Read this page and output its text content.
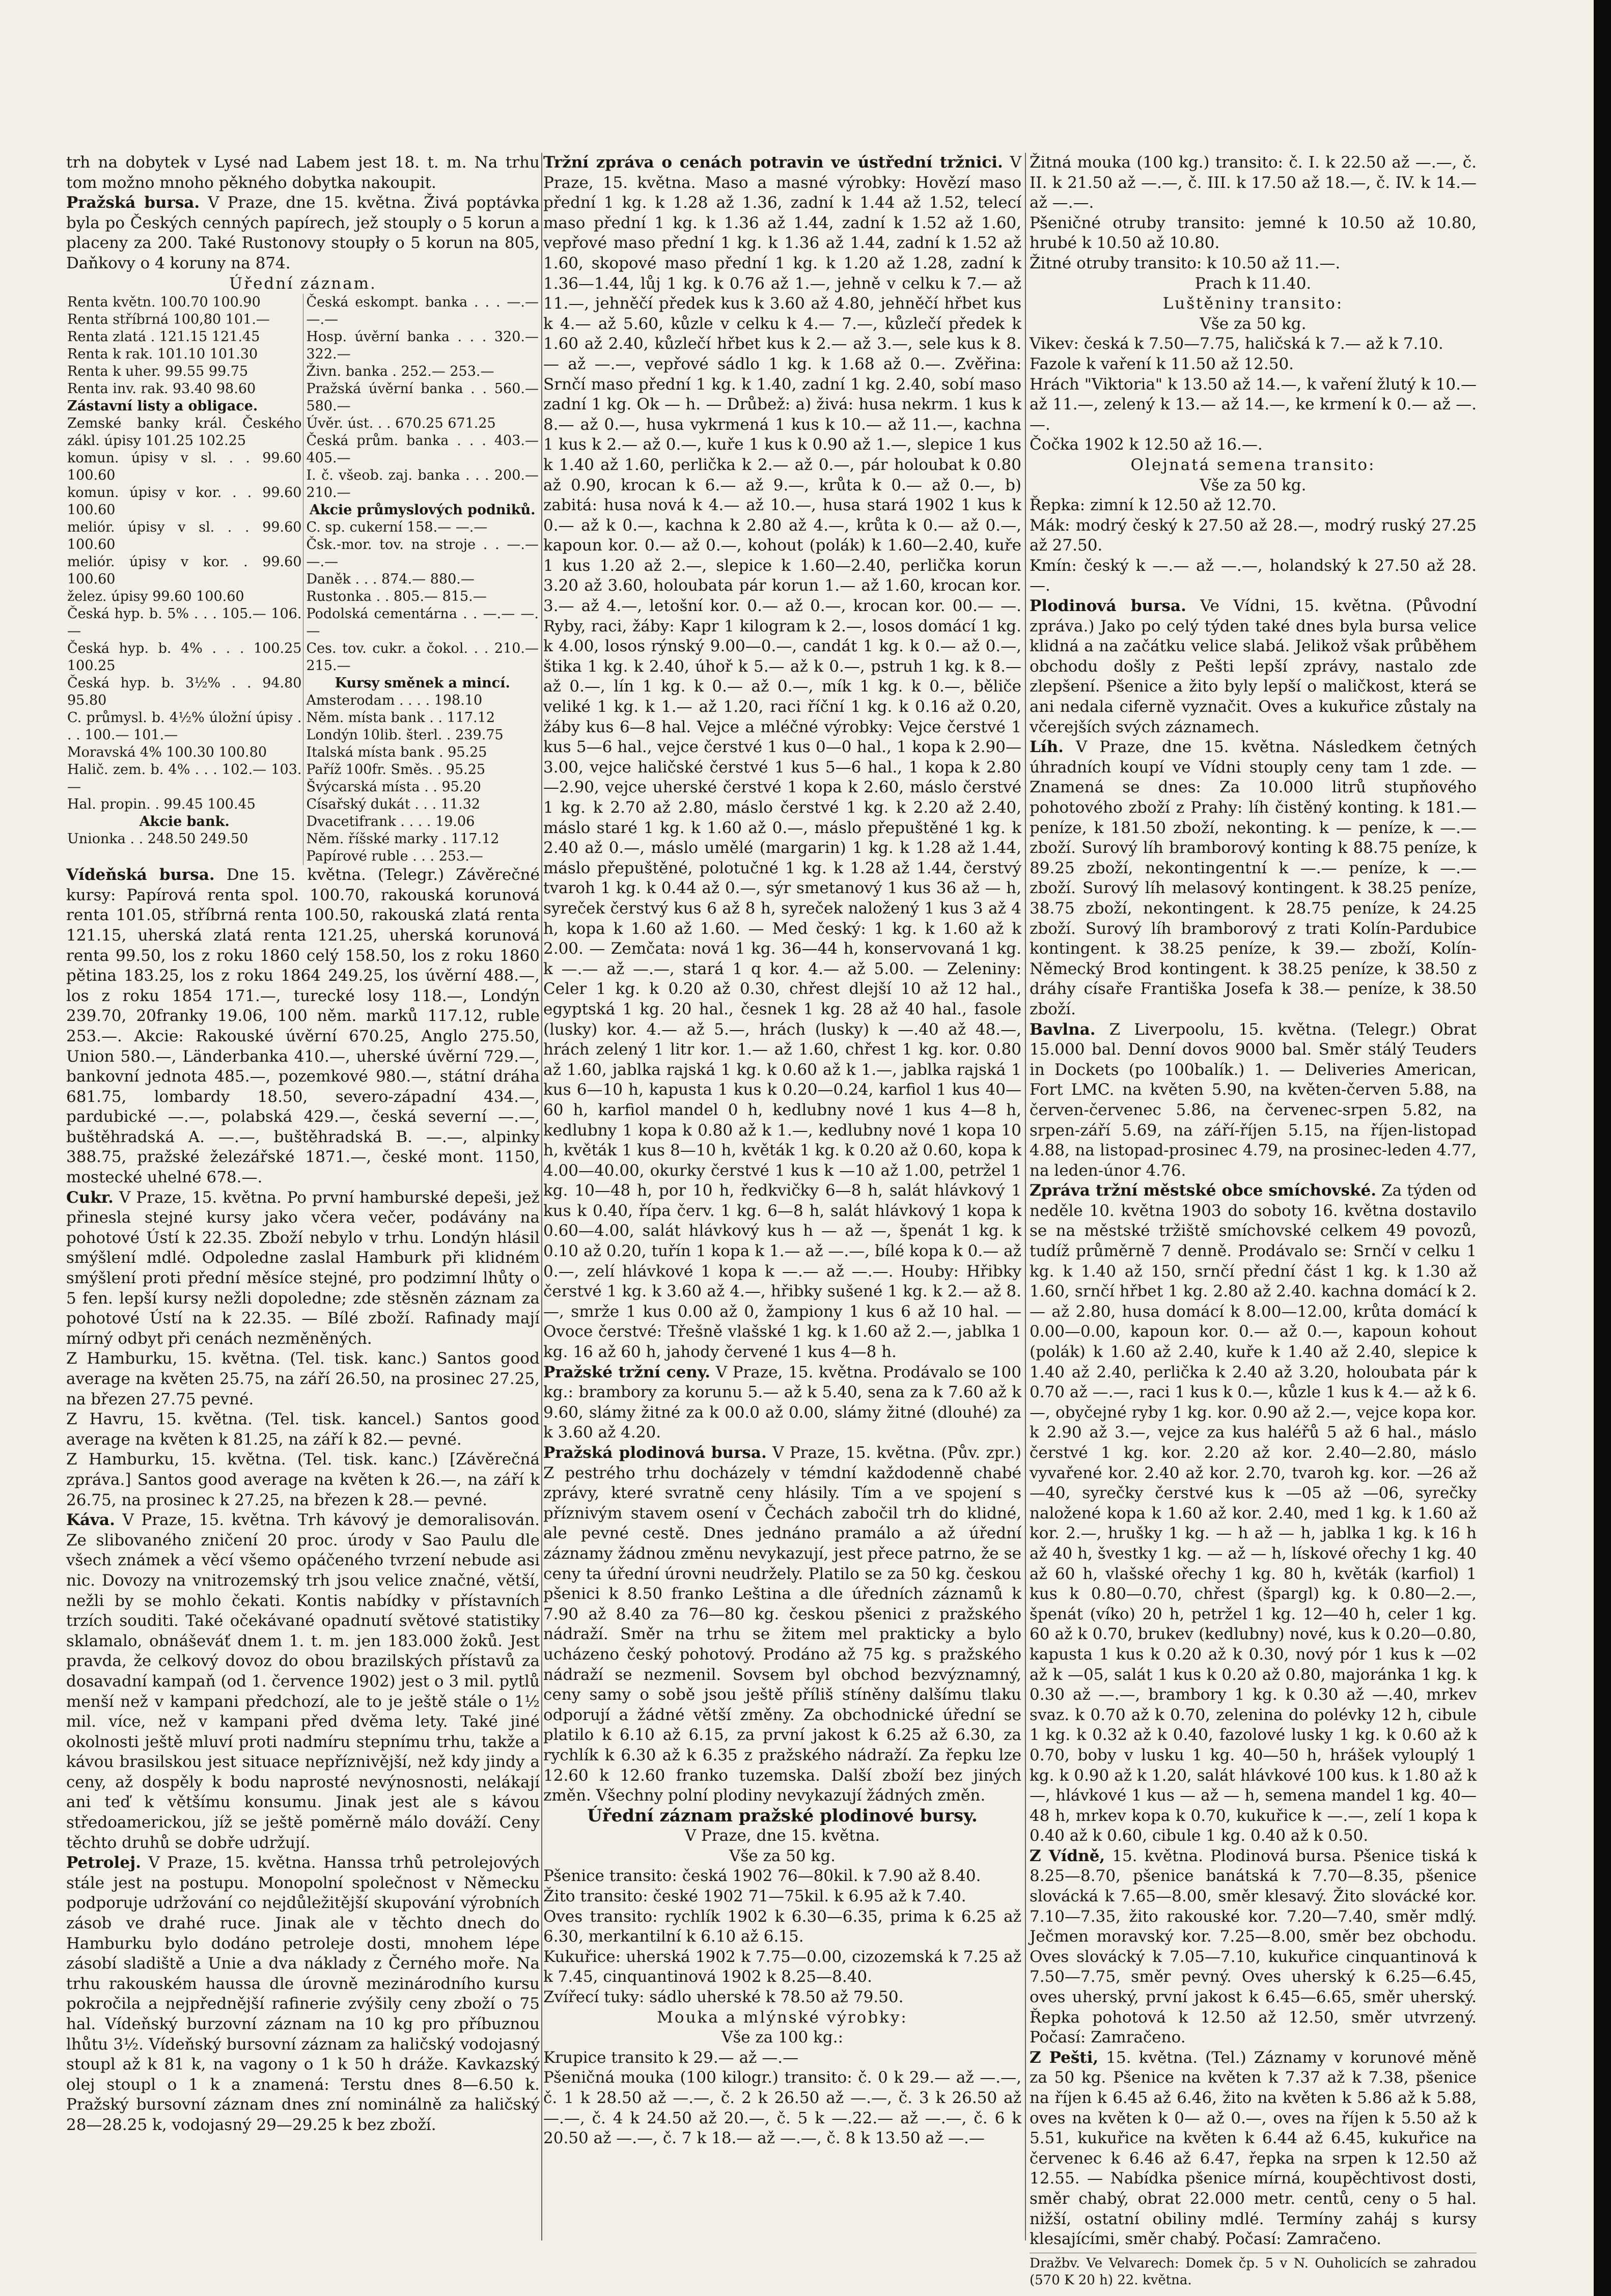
trh na dobytek v Lysé nad Labem jest 18. t. m. Na trhu tom možno mnoho pěkného dobytka nakoupit.

Pražská bursa. V Praze, dne 15. května. Živá poptávka byla po Českých cenných papírech, jež stouply o 5 korun a placeny za 200. Také Rustonovy stoupły o 5 korun na 805, Daňkovy o 4 koruny na 874.

Úřední záznam.

Renta květn. 100.70 100.90
Renta stříbrná 100,80 101.—
Renta zlatá . 121.15 121.45
Renta k rak. 101.10 101.30
Renta k uher. 99.55 99.75
Renta inv. rak. 93.40 98.60
Zástavní listy a obligace.
Zemské banky král. Českého zákl. úpisy 101.25 102.25
komun. úpisy v sl. . . 99.60 100.60
komun. úpisy v kor. . . 99.60 100.60
meliór. úpisy v sl. . . 99.60 100.60
meliór. úpisy v kor. . 99.60 100.60
želez. úpisy 99.60 100.60
Česká hyp. b. 5% . . . 105.— 106.—
Česká hyp. b. 4% . . . 100.25 100.25
Česká hyp. b. 3½% . . 94.80 95.80
C. průmysl. b. 4½% úložní úpisy . . . 100.— 101.—
Moravská 4% 100.30 100.80
Halič. zem. b. 4% . . . 102.— 103.—
Hal. propin. . 99.45 100.45
Akcie bank.
Unionka . . 248.50 249.50

Česká eskompt. banka . . . —.— —.—
Hosp. úvěrní banka . . . 320.— 322.—
Živn. banka . 252.— 253.—
Pražská úvěrní banka . . 560.— 580.—
Úvěr. úst. . . 670.25 671.25
Česká prům. banka . . . 403.— 405.—
I. č. všeob. zaj. banka . . . 200.— 210.—
Akcie průmyslových podniků.
C. sp. cukerní 158.— —.—
Čsk.-mor. tov. na stroje . . —.— —.—
Daněk . . . 874.— 880.—
Rustonka . . 805.— 815.—
Podolská cementárna . . —.— —.—
Ces. tov. cukr. a čokol. . . 210.— 215.—
Kursy směnek a mincí.
Amsterodam . . . . 198.10
Něm. místa bank . . 117.12
Londýn 10lib. šterl. . 239.75
Italská místa bank . 95.25
Paříž 100fr. Směs. . 95.25
Švýcarská místa . . 95.20
Císařský dukát . . . 11.32
Dvacetifrank . . . . 19.06
Něm. říšské marky . 117.12
Papírové ruble . . . 253.—

Vídeňská bursa. Dne 15. května. (Telegr.) Závěrečné kursy: Papírová renta spol. 100.70, rakouská korunová renta 101.05, stříbrná renta 100.50, rakouská zlatá renta 121.15, uherská zlatá renta 121.25, uherská korunová renta 99.50, los z roku 1860 celý 158.50, los z roku 1860 pětina 183.25, los z roku 1864 249.25, los úvěrní 488.—, los z roku 1854 171.—, turecké losy 118.—, Londýn 239.70, 20franky 19.06, 100 něm. marků 117.12, ruble 253.—. Akcie: Rakouské úvěrní 670.25, Anglo 275.50, Union 580.—, Länderbanka 410.—, uherské úvěrní 729.—, bankovní jednota 485.—, pozemkové 980.—, státní dráha 681.75, lombardy 18.50, severo-západní 434.—, pardubické —.—, polabská 429.—, česká severní —.—, buštěhradská A. —.—, buštěhradská B. —.—, alpinky 388.75, pražské železářské 1871.—, české mont. 1150, mostecké uhelné 678.—.

Cukr. V Praze, 15. května. Po první hamburské depeši, jež přinesla stejné kursy jako včera večer, podávány na pohotové Ústí k 22.35. Zboží nebylo v trhu. Londýn hlásil smýšlení mdlé. Odpoledne zaslal Hamburk při klidném smýšlení proti přední měsíce stejné, pro podzimní lhůty o 5 fen. lepší kursy nežli dopoledne; zde stěsněn záznam za pohotové Ústí na k 22.35. — Bílé zboží. Rafinady mají mírný odbyt při cenách nezměněných.

Z Hamburku, 15. května. (Tel. tisk. kanc.) Santos good average na květen 25.75, na září 26.50, na prosinec 27.25, na březen 27.75 pevné.

Z Havru, 15. května. (Tel. tisk. kancel.) Santos good average na květen k 81.25, na září k 82.— pevné.

Z Hamburku, 15. května. (Tel. tisk. kanc.) [Závěrečná zpráva.] Santos good average na květen k 26.—, na září k 26.75, na prosinec k 27.25, na březen k 28.— pevné.

Káva. V Praze, 15. května. Trh kávový je demoralisován. Ze slibovaného zničení 20 proc. úrody v Sao Paulu dle všech známek a věcí všemo opáčeného tvrzení nebude asi nic. Dovozy na vnitrozemský trh jsou velice značné, větší, nežli by se mohlo čekati. Kontis nabídky v přístavních trzích souditi. Také očekávané opadnutí světové statistiky sklamalo, obnáševáť dnem 1. t. m. jen 183.000 žoků. Jest pravda, že celkový dovoz do obou brazilských přístavů za dosavadní kampaň (od 1. července 1902) jest o 3 mil. pytlů menší než v kampani předchozí, ale to je ještě stále o 1½ mil. více, než v kampani před dvěma lety. Také jiné okolnosti ještě mluví proti nadmíru stepnímu trhu, takže a kávou brasilskou jest situace nepříznivější, než kdy jindy a ceny, až dospěly k bodu naprosté nevýnosnosti, nelákají ani teď k většímu konsumu. Jinak jest ale s kávou středoamerickou, jíž se ještě poměrně málo dováží. Ceny těchto druhů se dobře udržují.

Petrolej. V Praze, 15. května. Hanssa trhů petrolejových stále jest na postupu. Monopolní společnost v Německu podporuje udržování co nejdůležitější skupování výrobních zásob ve drahé ruce. Jinak ale v těchto dnech do Hamburku bylo dodáno petroleje dosti, mnohem lépe zásobí sladiště a Unie a dva náklady z Černého moře. Na trhu rakouském haussa dle úrovně mezinárodního kursu pokročila a nejpřednější rafinerie zvýšily ceny zboží o 75 hal. Vídeňský burzovní záznam na 10 kg pro příbuznou lhůtu 3½. Vídeňský bursovní záznam za haličský vodojasný stoupl až k 81 k, na vagony o 1 k 50 h dráže. Kavkazský olej stoupl o 1 k a znamená: Terstu dnes 8—6.50 k. Pražský bursovní záznam dnes zní nominálně za haličský 28—28.25 k, vodojasný 29—29.25 k bez zboží.

Tržní zpráva o cenách potravin ve ústřední tržnici. V Praze, 15. května. Maso a masné výrobky: Hovězí maso přední 1 kg. k 1.28 až 1.36, zadní k 1.44 až 1.52, telecí maso přední 1 kg. k 1.36 až 1.44, zadní k 1.52 až 1.60, vepřové maso přední 1 kg. k 1.36 až 1.44, zadní k 1.52 až 1.60, skopové maso přední 1 kg. k 1.20 až 1.28, zadní k 1.36—1.44, lůj 1 kg. k 0.76 až 1.—, jehně v celku k 7.— až 11.—, jehněčí předek kus k 3.60 až 4.80, jehněčí hřbet kus k 4.— až 5.60, kůzle v celku k 4.— 7.—, kůzlečí předek k 1.60 až 2.40, kůzlečí hřbet kus k 2.— až 3.—, sele kus k 8.— až —.—, vepřové sádlo 1 kg. k 1.68 až 0.—. Zvěřina: Srnčí maso přední 1 kg. k 1.40, zadní 1 kg. 2.40, sobí maso zadní 1 kg. Ok — h. — Drůbež: a) živá: husa nekrm. 1 kus k 8.— až 0.—, husa vykrmená 1 kus k 10.— až 11.—, kachna 1 kus k 2.— až 0.—, kuře 1 kus k 0.90 až 1.—, slepice 1 kus k 1.40 až 1.60, perlička k 2.— až 0.—, pár holoubat k 0.80 až 0.90, krocan k 6.— až 9.—, krůta k 0.— až 0.—, b) zabitá: husa nová k 4.— až 10.—, husa stará 1902 1 kus k 0.— až k 0.—, kachna k 2.80 až 4.—, krůta k 0.— až 0.—, kapoun kor. 0.— až 0.—, kohout (polák) k 1.60—2.40, kuře 1 kus 1.20 až 2.—, slepice k 1.60—2.40, perlička korun 3.20 až 3.60, holoubata pár korun 1.— až 1.60, krocan kor. 3.— až 4.—, letošní kor. 0.— až 0.—, krocan kor. 00.— —. Ryby, raci, žáby: Kapr 1 kilogram k 2.—, losos domácí 1 kg. k 4.00, losos rýnský 9.00—0.—, candát 1 kg. k 0.— až 0.—, štika 1 kg. k 2.40, úhoř k 5.— až k 0.—, pstruh 1 kg. k 8.— až 0.—, lín 1 kg. k 0.— až 0.—, mík 1 kg. k 0.—, běliče veliké 1 kg. k 1.— až 1.20, raci říční 1 kg. k 0.16 až 0.20, žáby kus 6—8 hal. Vejce a mléčné výrobky: Vejce čerstvé 1 kus 5—6 hal., vejce čerstvé 1 kus 0—0 hal., 1 kopa k 2.90—3.00, vejce haličské čerstvé 1 kus 5—6 hal., 1 kopa k 2.80—2.90, vejce uherské čerstvé 1 kopa k 2.60, máslo čerstvé 1 kg. k 2.70 až 2.80, máslo čerstvé 1 kg. k 2.20 až 2.40, máslo staré 1 kg. k 1.60 až 0.—, máslo přepuštěné 1 kg. k 2.40 až 0.—, máslo umělé (margarin) 1 kg. k 1.28 až 1.44, máslo přepuštěné, polotučné 1 kg. k 1.28 až 1.44, čerstvý tvaroh 1 kg. k 0.44 až 0.—, sýr smetanový 1 kus 36 až — h, syreček čerstvý kus 6 až 8 h, syreček naložený 1 kus 3 až 4 h, kopa k 1.60 až 1.60. — Med český: 1 kg. k 1.60 až k 2.00. — Zemčata: nová 1 kg. 36—44 h, konservovaná 1 kg. k —.— až —.—, stará 1 q kor. 4.— až 5.00. — Zeleniny: Celer 1 kg. k 0.20 až 0.30, chřest dlejší 10 až 12 hal., egyptská 1 kg. 20 hal., česnek 1 kg. 28 až 40 hal., fasole (lusky) kor. 4.— až 5.—, hrách (lusky) k —.40 až 48.—, hrách zelený 1 litr kor. 1.— až 1.60, chřest 1 kg. kor. 0.80 až 1.60, jablka rajská 1 kg. k 0.60 až k 1.—, jablka rajská 1 kus 6—10 h, kapusta 1 kus k 0.20—0.24, karfiol 1 kus 40—60 h, karfiol mandel 0 h, kedlubny nové 1 kus 4—8 h, kedlubny 1 kopa k 0.80 až k 1.—, kedlubny nové 1 kopa 10 h, květák 1 kus 8—10 h, květák 1 kg. k 0.20 až 0.60, kopa k 4.00—40.00, okurky čerstvé 1 kus k —10 až 1.00, petržel 1 kg. 10—48 h, por 10 h, ředkvičky 6—8 h, salát hlávkový 1 kus k 0.40, řípa červ. 1 kg. 6—8 h, salát hlávkový 1 kopa k 0.60—4.00, salát hlávkový kus h — až —, špenát 1 kg. k 0.10 až 0.20, tuřín 1 kopa k 1.— až —.—, bílé kopa k 0.— až 0.—, zelí hlávkové 1 kopa k —.— až —.—. Houby: Hřibky čerstvé 1 kg. k 3.60 až 4.—, hřibky sušené 1 kg. k 2.— až 8.—, smrže 1 kus 0.00 až 0, žampiony 1 kus 6 až 10 hal. — Ovoce čerstvé: Třešně vlašské 1 kg. k 1.60 až 2.—, jablka 1 kg. 16 až 60 h, jahody červené 1 kus 4—8 h.

Pražské tržní ceny. V Praze, 15. května. Prodávalo se 100 kg.: brambory za korunu 5.— až k 5.40, sena za k 7.60 až k 9.60, slámy žitné za k 00.0 až 0.00, slámy žitné (dlouhé) za k 3.60 až 4.20.

Pražská plodinová bursa. V Praze, 15. května. (Pův. zpr.) Z pestrého trhu docházely v témdní každodenně chabé zprávy, které svratně ceny hlásily. Tím a ve spojení s příznivým stavem osení v Čechách zabočil trh do klidné, ale pevné cestě. Dnes jednáno pramálo a až úřední záznamy žádnou změnu nevykazují, jest přece patrno, že se ceny ta úřední úrovni neudržely. Platilo se za 50 kg. českou pšenici k 8.50 franko Leština a dle úředních záznamů k 7.90 až 8.40 za 76—80 kg. českou pšenici z pražského nádraží. Směr na trhu se žitem mel prakticky a bylo ucházeno český pohotový. Prodáno až 75 kg. s pražského nádraží se nezmenil. Sovsem byl obchod bezvýznamný, ceny samy o sobě jsou ještě příliš stíněny dalšímu tlaku odporují a žádné větší změny. Za obchodnické úřední se platilo k 6.10 až 6.15, za první jakost k 6.25 až 6.30, za rychlík k 6.30 až k 6.35 z pražského nádraží. Za řepku lze 12.60 k 12.60 franko tuzemska. Další zboží bez jiných změn. Všechny polní plodiny nevykazují žádných změn.

Úřední záznam pražské plodinové bursy.

V Praze, dne 15. května.

Vše za 50 kg.

Pšenice transito: česká 1902 76—80kil. k 7.90 až 8.40.

Žito transito: české 1902 71—75kil. k 6.95 až k 7.40.

Oves transito: rychlík 1902 k 6.30—6.35, prima k 6.25 až 6.30, merkantilní k 6.10 až 6.15.

Kukuřice: uherská 1902 k 7.75—0.00, cizozemská k 7.25 až k 7.45, cinquantinová 1902 k 8.25—8.40.

Zvířecí tuky: sádlo uherské k 78.50 až 79.50.

Mouka a mlýnské výrobky:

Vše za 100 kg.:

Krupice transito k 29.— až —.—

Pšeničná mouka (100 kilogr.) transito: č. 0 k 29.— až —.—, č. 1 k 28.50 až —.—, č. 2 k 26.50 až —.—, č. 3 k 26.50 až —.—, č. 4 k 24.50 až 20.—, č. 5 k —.22.— až —.—, č. 6 k 20.50 až —.—, č. 7 k 18.— až —.—, č. 8 k 13.50 až —.—

Žitná mouka (100 kg.) transito: č. I. k 22.50 až —.—, č. II. k 21.50 až —.—, č. III. k 17.50 až 18.—, č. IV. k 14.— až —.—.

Pšeničné otruby transito: jemné k 10.50 až 10.80, hrubé k 10.50 až 10.80.

Žitné otruby transito: k 10.50 až 11.—.

Prach k 11.40.

Luštěniny transito:

Vše za 50 kg.

Vikev: česká k 7.50—7.75, haličská k 7.— až k 7.10.

Fazole k vaření k 11.50 až 12.50.

Hrách "Viktoria" k 13.50 až 14.—, k vaření žlutý k 10.— až 11.—, zelený k 13.— až 14.—, ke krmení k 0.— až —.—.

Čočka 1902 k 12.50 až 16.—.

Olejnatá semena transito:

Vše za 50 kg.

Řepka: zimní k 12.50 až 12.70.

Mák: modrý český k 27.50 až 28.—, modrý ruský 27.25 až 27.50.

Kmín: český k —.— až —.—, holandský k 27.50 až 28.—.

Plodinová bursa. Ve Vídni, 15. května. (Původní zpráva.) Jako po celý týden také dnes byla bursa velice klidná a na začátku velice slabá. Jelikož však průběhem obchodu došly z Pešti lepší zprávy, nastalo zde zlepšení. Pšenice a žito byly lepší o maličkost, která se ani nedala ciferně vyznačit. Oves a kukuřice zůstaly na včerejších svých záznamech.

Líh. V Praze, dne 15. května. Následkem četných úhradních koupí ve Vídni stouply ceny tam 1 zde. — Znamená se dnes: Za 10.000 litrů stupňového pohotového zboží z Prahy: líh čistěný konting. k 181.— peníze, k 181.50 zboží, nekonting. k — peníze, k —.— zboží. Surový líh bramborový konting k 88.75 peníze, k 89.25 zboží, nekontingentní k —.— peníze, k —.— zboží. Surový líh melasový kontingent. k 38.25 peníze, 38.75 zboží, nekontingent. k 28.75 peníze, k 24.25 zboží. Surový líh bramborový z trati Kolín-Pardubice kontingent. k 38.25 peníze, k 39.— zboží, Kolín-Německý Brod kontingent. k 38.25 peníze, k 38.50 z dráhy císaře Františka Josefa k 38.— peníze, k 38.50 zboží.

Bavlna. Z Liverpoolu, 15. května. (Telegr.) Obrat 15.000 bal. Denní dovos 9000 bal. Směr stálý Teuders in Dockets (po 100balík.) 1. — Deliveries American, Fort LMC. na květen 5.90, na květen-červen 5.88, na červen-červenec 5.86, na červenec-srpen 5.82, na srpen-září 5.69, na září-říjen 5.15, na říjen-listopad 4.88, na listopad-prosinec 4.79, na prosinec-leden 4.77, na leden-únor 4.76.

Zpráva tržní městské obce smíchovské. Za týden od neděle 10. května 1903 do soboty 16. května dostavilo se na městské tržiště smíchovské celkem 49 povozů, tudíž průměrně 7 denně. Prodávalo se: Srnčí v celku 1 kg. k 1.40 až 150, srnčí přední část 1 kg. k 1.30 až 1.60, srnčí hřbet 1 kg. 2.80 až 2.40. kachna domácí k 2.— až 2.80, husa domácí k 8.00—12.00, krůta domácí k 0.00—0.00, kapoun kor. 0.— až 0.—, kapoun kohout (polák) k 1.60 až 2.40, kuře k 1.40 až 2.40, slepice k 1.40 až 2.40, perlička k 2.40 až 3.20, holoubata pár k 0.70 až —.—, raci 1 kus k 0.—, kůzle 1 kus k 4.— až k 6.—, obyčejné ryby 1 kg. kor. 0.90 až 2.—, vejce kopa kor. k 2.90 až 3.—, vejce za kus haléřů 5 až 6 hal., máslo čerstvé 1 kg. kor. 2.20 až kor. 2.40—2.80, máslo vyvařené kor. 2.40 až kor. 2.70, tvaroh kg. kor. —26 až —40, syrečky čerstvé kus k —05 až —06, syrečky naložené kopa k 1.60 až kor. 2.40, med 1 kg. k 1.60 až kor. 2.—, hrušky 1 kg. — h až — h, jablka 1 kg. k 16 h až 40 h, švestky 1 kg. — až — h, lískové ořechy 1 kg. 40 až 60 h, vlašské ořechy 1 kg. 80 h, květák (karfiol) 1 kus k 0.80—0.70, chřest (špargl) kg. k 0.80—2.—, špenát (víko) 20 h, petržel 1 kg. 12—40 h, celer 1 kg. 60 až k 0.70, brukev (kedlubny) nové, kus k 0.20—0.80, kapusta 1 kus k 0.20 až k 0.30, nový pór 1 kus k —02 až k —05, salát 1 kus k 0.20 až 0.80, majoránka 1 kg. k 0.30 až —.—, brambory 1 kg. k 0.30 až —.40, mrkev svaz. k 0.70 až k 0.70, zelenina do polévky 12 h, cibule 1 kg. k 0.32 až k 0.40, fazolové lusky 1 kg. k 0.60 až k 0.70, boby v lusku 1 kg. 40—50 h, hrášek vylouplý 1 kg. k 0.90 až k 1.20, salát hlávkové 100 kus. k 1.80 až k —, hlávkové 1 kus — až — h, semena mandel 1 kg. 40—48 h, mrkev kopa k 0.70, kukuřice k —.—, zelí 1 kopa k 0.40 až k 0.60, cibule 1 kg. 0.40 až k 0.50.

Z Vídně, 15. května. Plodinová bursa. Pšenice tiská k 8.25—8.70, pšenice banátská k 7.70—8.35, pšenice slovácká k 7.65—8.00, směr klesavý. Žito slovácké kor. 7.10—7.35, žito rakouské kor. 7.20—7.40, směr mdlý. Ječmen moravský kor. 7.25—8.00, směr bez obchodu. Oves slovácký k 7.05—7.10, kukuřice cinquantinová k 7.50—7.75, směr pevný. Oves uherský k 6.25—6.45, oves uherský, první jakost k 6.45—6.65, směr uherský. Řepka pohotová k 12.50 až 12.50, směr utvrzený. Počasí: Zamračeno.

Z Pešti, 15. května. (Tel.) Záznamy v korunové měně za 50 kg. Pšenice na květen k 7.37 až k 7.38, pšenice na říjen k 6.45 až 6.46, žito na květen k 5.86 až k 5.88, oves na květen k 0— až 0.—, oves na říjen k 5.50 až k 5.51, kukuřice na květen k 6.44 až 6.45, kukuřice na červenec k 6.46 až 6.47, řepka na srpen k 12.50 až 12.55. — Nabídka pšenice mírná, koupěchtivost dosti, směr chabý, obrat 22.000 metr. centů, ceny o 5 hal. nižší, ostatní obiliny mdlé. Termíny zaháj s kursy klesajícími, směr chabý. Počasí: Zamračeno.

Dražbv. Ve Velvarech: Domek čp. 5 v N. Ouholicích se zahradou (570 K 20 h) 22. května.
